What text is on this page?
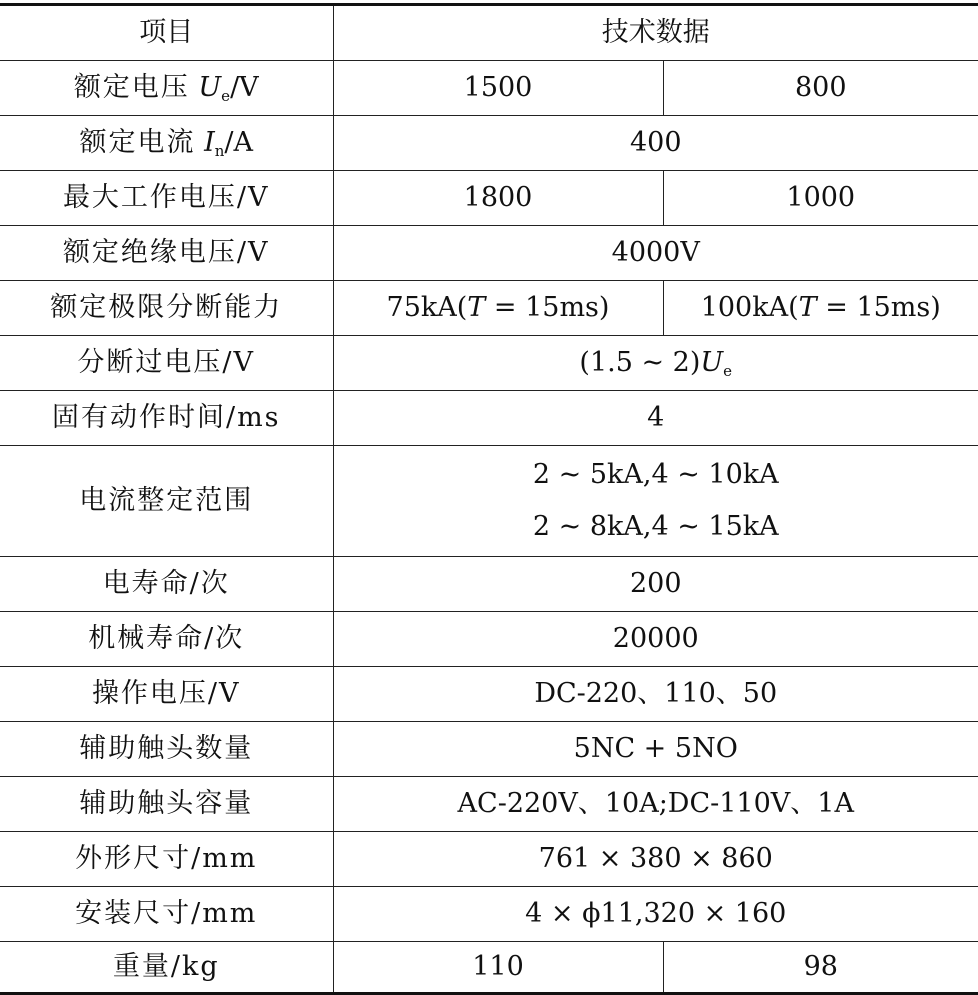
项目	技术数据	
额定电压 $U_e/V$	1500	800
额定电流 $I_n/A$	400	
最大工作电压/V	1800	1000
额定绝缘电压/V	4000V	
额定极限分断能力	75kA(T = 15ms)	100kA(T = 15ms)
分断过电压/V	(1.5 ~ $2)U_e$
固有动作时间/ms	4	
电流整定范围	2 ~ 5kA,4 ~ 10kA
2 ~ 8kA,4 ~ 15kA	

电寿命/次	200	
机械寿命/次	20000	
操作电压/V	DC-220、110、50	
辅助触头数量	5NC + 5NO	
辅助触头容量	AC-220V、10A;DC-110V、1A	
外形尺寸/mm	761 × 380 × 860	
安装尺寸/mm	4 × ϕ11,320 × 160	
重量/kg	110	98
